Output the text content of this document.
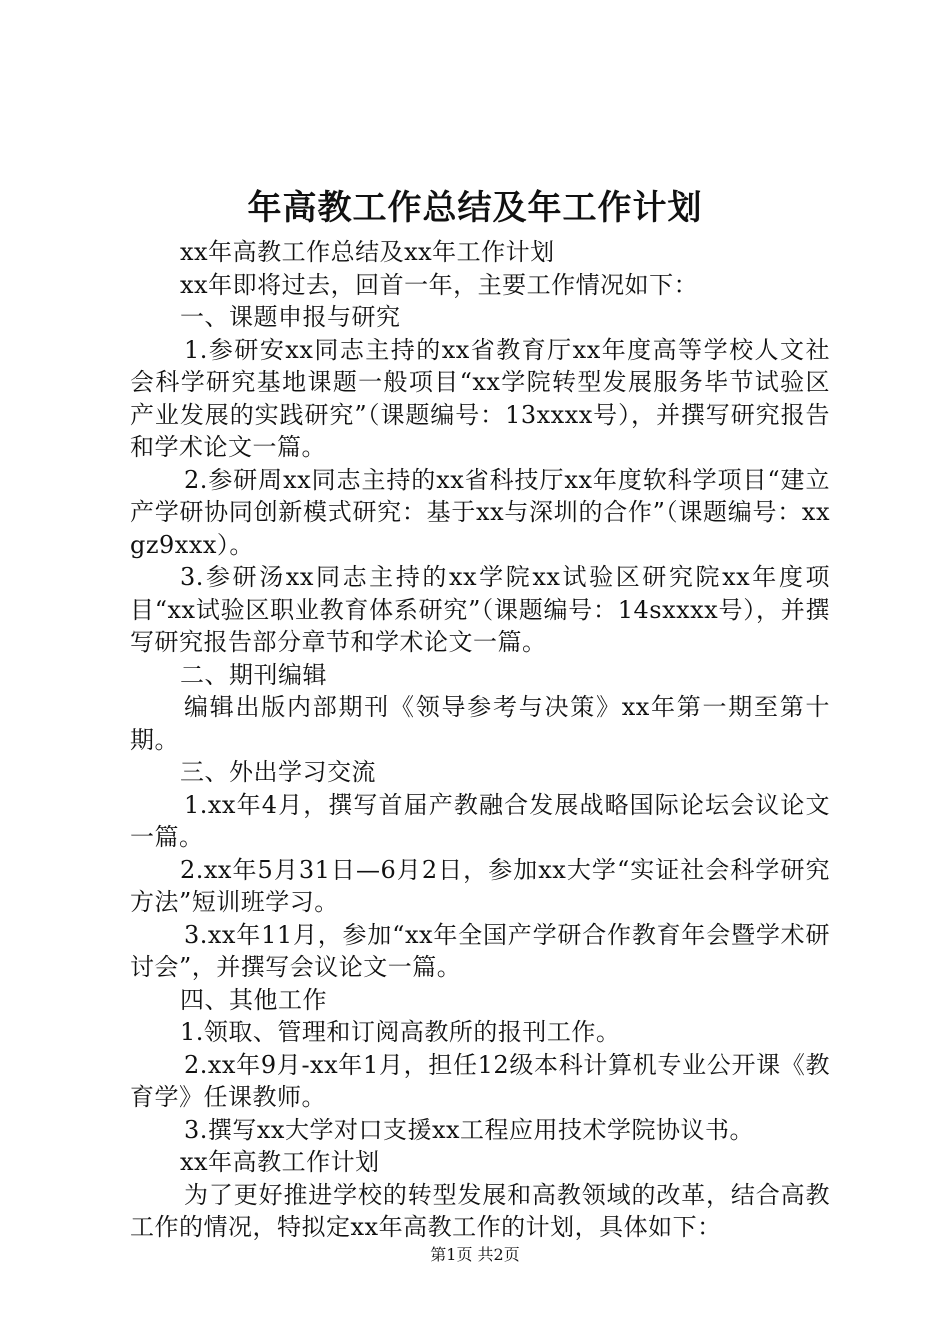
年高教工作总结及年工作计划

xx年高教工作总结及xx年工作计划

xx年即将过去，回首一年，主要工作情况如下：

一、课题申报与研究

1.参研安xx同志主持的xx省教育厅xx年度高等学校人文社会科学研究基地课题一般项目“xx学院转型发展服务毕节试验区产业发展的实践研究”（课题编号：13xxxx号），并撰写研究报告和学术论文一篇。

2.参研周xx同志主持的xx省科技厅xx年度软科学项目“建立产学研协同创新模式研究：基于xx与深圳的合作”（课题编号：xxgz9xxx）。

3.参研汤xx同志主持的xx学院xx试验区研究院xx年度项目“xx试验区职业教育体系研究”（课题编号：14sxxxx号），并撰写研究报告部分章节和学术论文一篇。

二、期刊编辑

编辑出版内部期刊《领导参考与决策》xx年第一期至第十期。

三、外出学习交流

1.xx年4月，撰写首届产教融合发展战略国际论坛会议论文一篇。

2.xx年5月31日—6月2日，参加xx大学“实证社会科学研究方法”短训班学习。

3.xx年11月，参加“xx年全国产学研合作教育年会暨学术研讨会”，并撰写会议论文一篇。

四、其他工作

1.领取、管理和订阅高教所的报刊工作。

2.xx年9月-xx年1月，担任12级本科计算机专业公开课《教育学》任课教师。

3.撰写xx大学对口支援xx工程应用技术学院协议书。

xx年高教工作计划

为了更好推进学校的转型发展和高教领域的改革，结合高教工作的情况，特拟定xx年高教工作的计划，具体如下：

第1页 共2页
